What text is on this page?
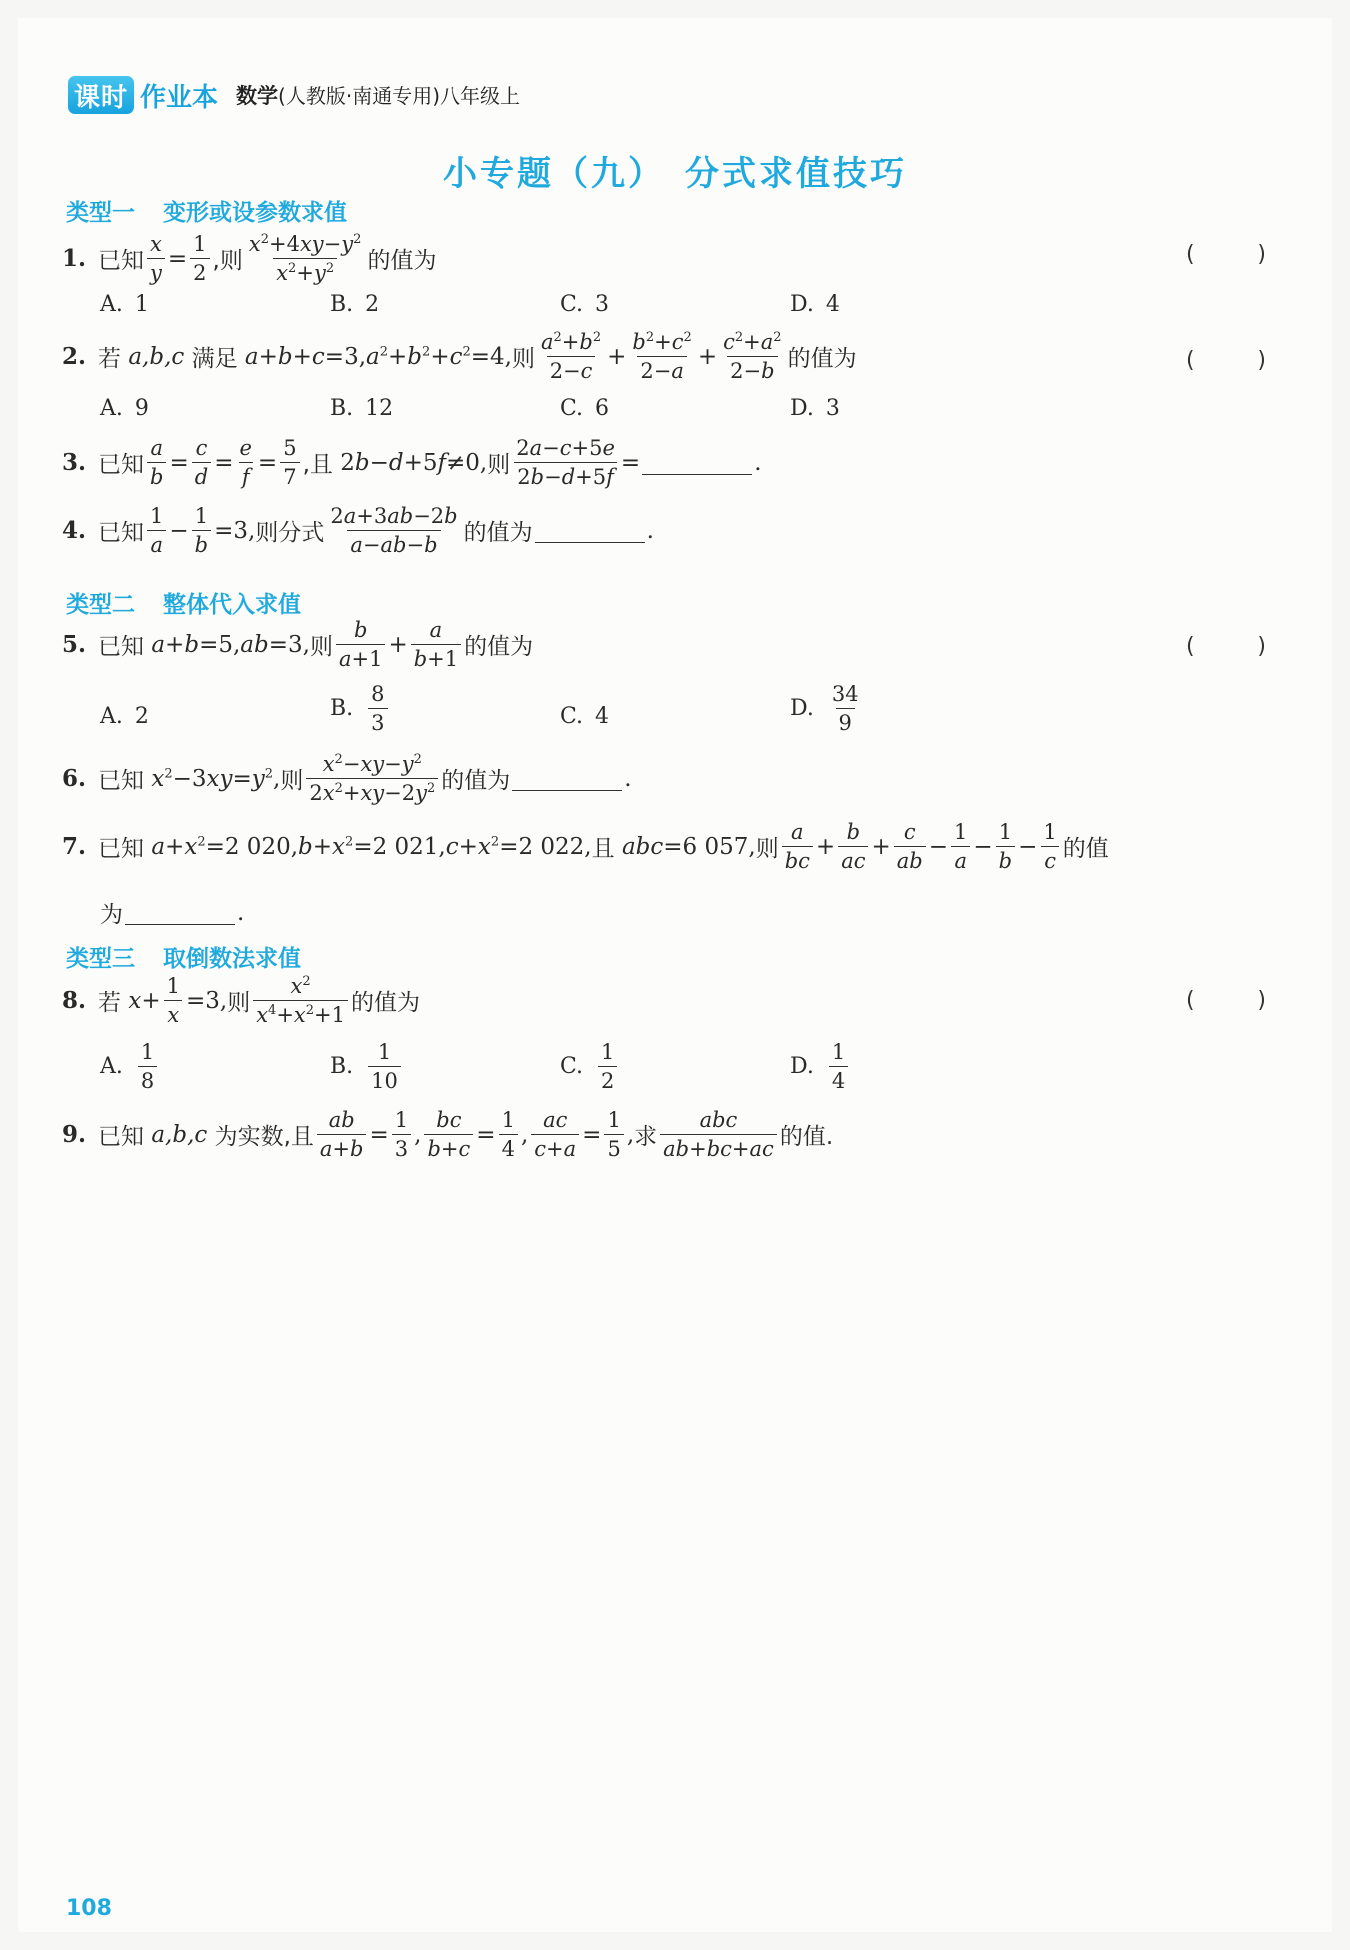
课时 作业本 数学(人教版·南通专用)八年级上
小专题（九）　分式求值技巧
类型一 变形或设参数求值
1. 已知 $\frac{x}{y} = \frac{1}{2}$ ,则 $\frac{x^2+4xy-y^2}{x^2+y^2}$ 的值为	(	)
A. 1	B. 2	C. 3	D. 4
2. 若 a,b,c 满足 $a+b+c=3,a^2+b^2+c^2=4$, 则 $\frac{a^2+b^2}{2-c} + \frac{b^2+c^2}{2-a} + \frac{c^2+a^2}{2-b}$ 的值为	(	)
A. 9	B. 12	C. 6	D. 3
3. 已知 $\frac{a}{b} = \frac{c}{d} = \frac{e}{f} = \frac{5}{7}$ ,且 2b−d+5f≠0, 则 $\frac{2a-c+5e}{2b-d+5f}$ =	.
4. 已知 $\frac{1}{a} - \frac{1}{b} =3$, 则分式 $\frac{2a+3ab-2b}{a-ab-b}$ 的值为	.
类型二 整体代入求值
5. 已知 a+b=5,ab=3, 则 $\frac{b}{a+1} + \frac{a}{b+1}$ 的值为	(	)
A. 2	B. $\frac{8}{3}$	C. 4	D. $\frac{34}{9}$
6. 已知 $x^2-3xy=y^2$, 则 $\frac{x^2-xy-y^2}{2x^2+xy-2y^2}$ 的值为	.
7. 已知 $a+x^2=2$ $020,b+x^2=2$ $021,c+x^2=2$ 022, 且 abc=6 057, 则 $\frac{a}{bc} + \frac{b}{ac} + \frac{c}{ab} - \frac{1}{a} - \frac{1}{b} - \frac{1}{c}$ 的值
为	.
类型三 取倒数法求值
8. 若 $x+ \frac{1}{x} =3$, 则 $\frac{x^2}{x^4+x^2+1}$ 的值为	(	)
A. $\frac{1}{8}$	B. $\frac{1}{10}$	C. $\frac{1}{2}$	D. $\frac{1}{4}$
9. 已知 a,b,c 为实数,且 $\frac{ab}{a+b} = \frac{1}{3}$ , $\frac{bc}{b+c} = \frac{1}{4}$ , $\frac{ac}{c+a} = \frac{1}{5}$ , 求 $\frac{\text{abc}}{ab+bc+ac}$ 的值.
108
